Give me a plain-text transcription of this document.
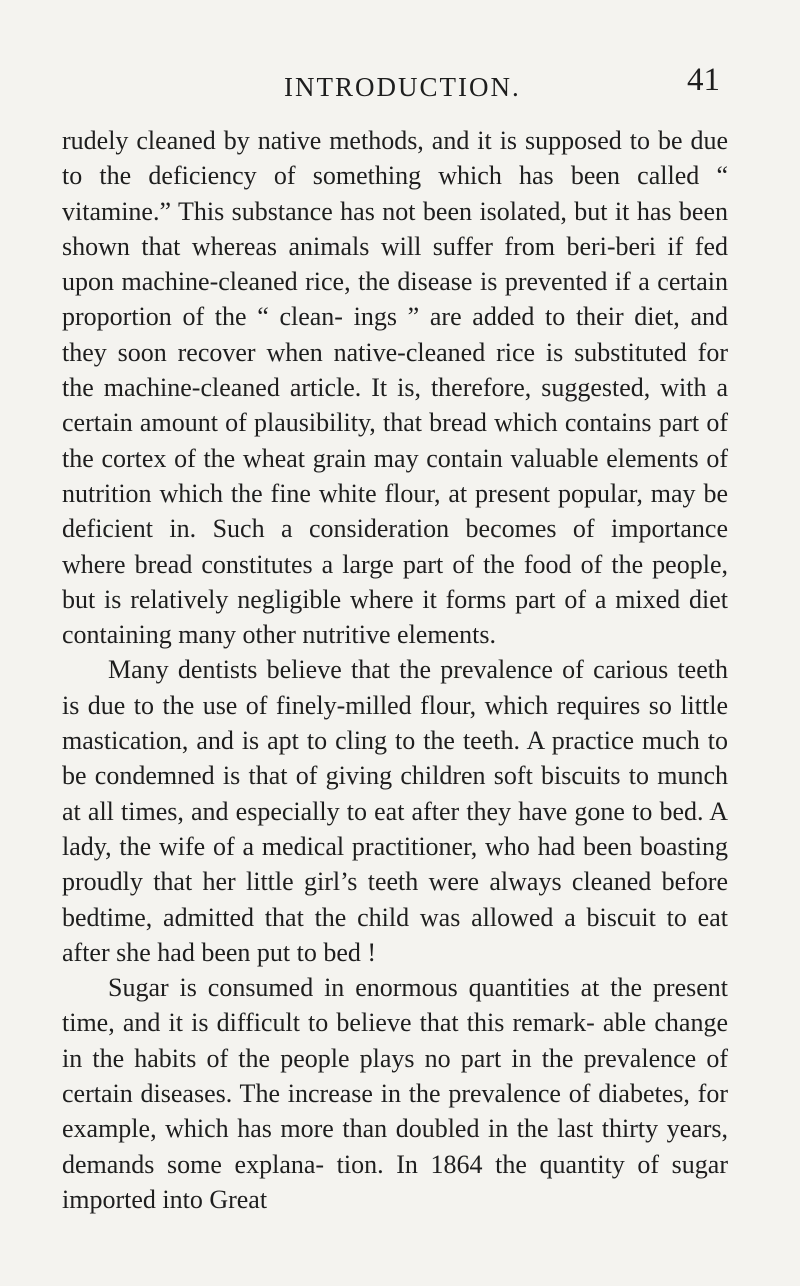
INTRODUCTION.	41

rudely cleaned by native methods, and it is supposed to be due to the deficiency of something which has been called “ vitamine.” This substance has not been isolated, but it has been shown that whereas animals will suffer from beri-beri if fed upon machine-cleaned rice, the disease is prevented if a certain proportion of the “ clean- ings ” are added to their diet, and they soon recover when native-cleaned rice is substituted for the machine-cleaned article. It is, therefore, suggested, with a certain amount of plausibility, that bread which contains part of the cortex of the wheat grain may contain valuable elements of nutrition which the fine white flour, at present popular, may be deficient in. Such a consideration becomes of importance where bread constitutes a large part of the food of the people, but is relatively negligible where it forms part of a mixed diet containing many other nutritive elements.

Many dentists believe that the prevalence of carious teeth is due to the use of finely-milled flour, which requires so little mastication, and is apt to cling to the teeth. A practice much to be condemned is that of giving children soft biscuits to munch at all times, and especially to eat after they have gone to bed. A lady, the wife of a medical practitioner, who had been boasting proudly that her little girl’s teeth were always cleaned before bedtime, admitted that the child was allowed a biscuit to eat after she had been put to bed !

Sugar is consumed in enormous quantities at the present time, and it is difficult to believe that this remark- able change in the habits of the people plays no part in the prevalence of certain diseases. The increase in the prevalence of diabetes, for example, which has more than doubled in the last thirty years, demands some explana- tion. In 1864 the quantity of sugar imported into Great
